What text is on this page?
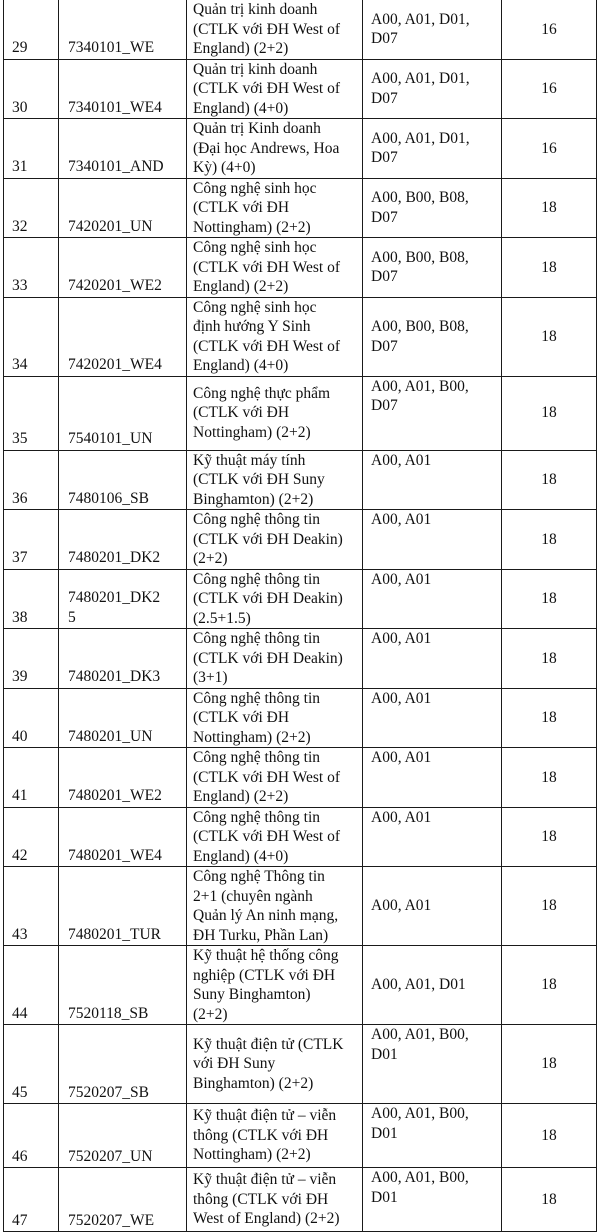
29	7340101_WE	Quản trị kinh doanh
(CTLK với ĐH West of
England) (2+2)	A00, A01, D01,
D07	16
30	7340101_WE4	Quản trị kinh doanh
(CTLK với ĐH West of
England) (4+0)	A00, A01, D01,
D07	16
31	7340101_AND	Quản trị Kinh doanh
(Đại học Andrews, Hoa
Kỳ) (4+0)	A00, A01, D01,
D07	16
32	7420201_UN	Công nghệ sinh học
(CTLK với ĐH
Nottingham) (2+2)	A00, B00, B08,
D07	18
33	7420201_WE2	Công nghệ sinh học
(CTLK với ĐH West of
England) (2+2)	A00, B00, B08,
D07	18
34	7420201_WE4	Công nghệ sinh học
định hướng Y Sinh
(CTLK với ĐH West of
England) (4+0)	A00, B00, B08,
D07	18
35	7540101_UN	Công nghệ thực phẩm
(CTLK với ĐH
Nottingham) (2+2)	A00, A01, B00,
D07	18
36	7480106_SB	Kỹ thuật máy tính
(CTLK với ĐH Suny
Binghamton) (2+2)	A00, A01	18
37	7480201_DK2	Công nghệ thông tin
(CTLK với ĐH Deakin)
(2+2)	A00, A01	18
38	7480201_DK2
5	Công nghệ thông tin
(CTLK với ĐH Deakin)
(2.5+1.5)	A00, A01	18
39	7480201_DK3	Công nghệ thông tin
(CTLK với ĐH Deakin)
(3+1)	A00, A01	18
40	7480201_UN	Công nghệ thông tin
(CTLK với ĐH
Nottingham) (2+2)	A00, A01	18
41	7480201_WE2	Công nghệ thông tin
(CTLK với ĐH West of
England) (2+2)	A00, A01	18
42	7480201_WE4	Công nghệ thông tin
(CTLK với ĐH West of
England) (4+0)	A00, A01	18
43	7480201_TUR	Công nghệ Thông tin
2+1 (chuyên ngành
Quản lý An ninh mạng,
ĐH Turku, Phần Lan)	A00, A01	18
44	7520118_SB	Kỹ thuật hệ thống công
nghiệp (CTLK với ĐH
Suny Binghamton)
(2+2)	A00, A01, D01	18
45	7520207_SB	Kỹ thuật điện tử (CTLK
với ĐH Suny
Binghamton) (2+2)	A00, A01, B00,
D01	18
46	7520207_UN	Kỹ thuật điện tử – viễn
thông (CTLK với ĐH
Nottingham) (2+2)	A00, A01, B00,
D01	18
47	7520207_WE	Kỹ thuật điện tử – viễn
thông (CTLK với ĐH
West of England) (2+2)	A00, A01, B00,
D01	18
